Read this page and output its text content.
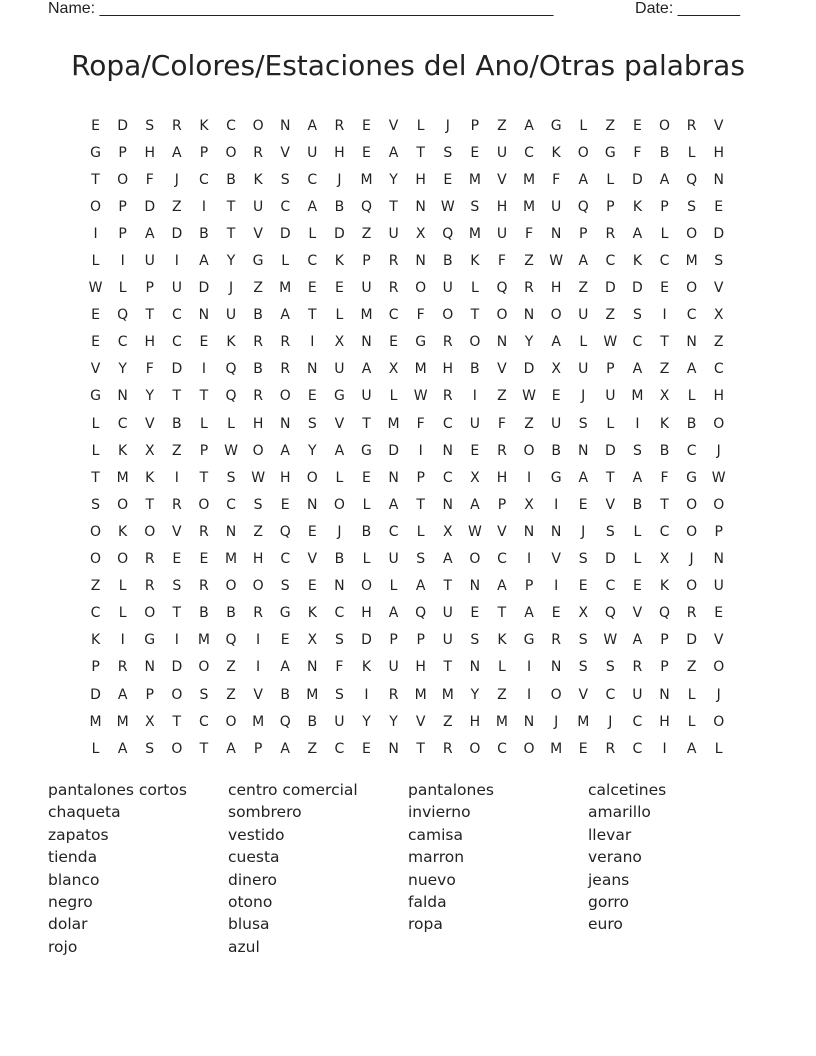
Name: ___________________________________________________	Date: _______
Ropa/Colores/Estaciones del Ano/Otras palabras
E	D	S	R	K	C	O	N	A	R	E	V	L	J	P	Z	A	G	L	Z	E	O	R	V
G	P	H	A	P	O	R	V	U	H	E	A	T	S	E	U	C	K	O	G	F	B	L	H
T	O	F	J	C	B	K	S	C	J	M	Y	H	E	M	V	M	F	A	L	D	A	Q	N
O	P	D	Z	I	T	U	C	A	B	Q	T	N	W	S	H	M	U	Q	P	K	P	S	E
I	P	A	D	B	T	V	D	L	D	Z	U	X	Q	M	U	F	N	P	R	A	L	O	D
L	I	U	I	A	Y	G	L	C	K	P	R	N	B	K	F	Z	W	A	C	K	C	M	S
W	L	P	U	D	J	Z	M	E	E	U	R	O	U	L	Q	R	H	Z	D	D	E	O	V
E	Q	T	C	N	U	B	A	T	L	M	C	F	O	T	O	N	O	U	Z	S	I	C	X
E	C	H	C	E	K	R	R	I	X	N	E	G	R	O	N	Y	A	L	W	C	T	N	Z
V	Y	F	D	I	Q	B	R	N	U	A	X	M	H	B	V	D	X	U	P	A	Z	A	C
G	N	Y	T	T	Q	R	O	E	G	U	L	W	R	I	Z	W	E	J	U	M	X	L	H
L	C	V	B	L	L	H	N	S	V	T	M	F	C	U	F	Z	U	S	L	I	K	B	O
L	K	X	Z	P	W	O	A	Y	A	G	D	I	N	E	R	O	B	N	D	S	B	C	J
T	M	K	I	T	S	W	H	O	L	E	N	P	C	X	H	I	G	A	T	A	F	G	W
S	O	T	R	O	C	S	E	N	O	L	A	T	N	A	P	X	I	E	V	B	T	O	O
O	K	O	V	R	N	Z	Q	E	J	B	C	L	X	W	V	N	N	J	S	L	C	O	P
O	O	R	E	E	M	H	C	V	B	L	U	S	A	O	C	I	V	S	D	L	X	J	N
Z	L	R	S	R	O	O	S	E	N	O	L	A	T	N	A	P	I	E	C	E	K	O	U
C	L	O	T	B	B	R	G	K	C	H	A	Q	U	E	T	A	E	X	Q	V	Q	R	E
K	I	G	I	M	Q	I	E	X	S	D	P	P	U	S	K	G	R	S	W	A	P	D	V
P	R	N	D	O	Z	I	A	N	F	K	U	H	T	N	L	I	N	S	S	R	P	Z	O
D	A	P	O	S	Z	V	B	M	S	I	R	M	M	Y	Z	I	O	V	C	U	N	L	J
M	M	X	T	C	O	M	Q	B	U	Y	Y	V	Z	H	M	N	J	M	J	C	H	L	O
L	A	S	O	T	A	P	A	Z	C	E	N	T	R	O	C	O	M	E	R	C	I	A	L
pantalones cortos
chaqueta
zapatos
tienda
blanco
negro
dolar
rojo
centro comercial
sombrero
vestido
cuesta
dinero
otono
blusa
azul
pantalones
invierno
camisa
marron
nuevo
falda
ropa
calcetines
amarillo
llevar
verano
jeans
gorro
euro
